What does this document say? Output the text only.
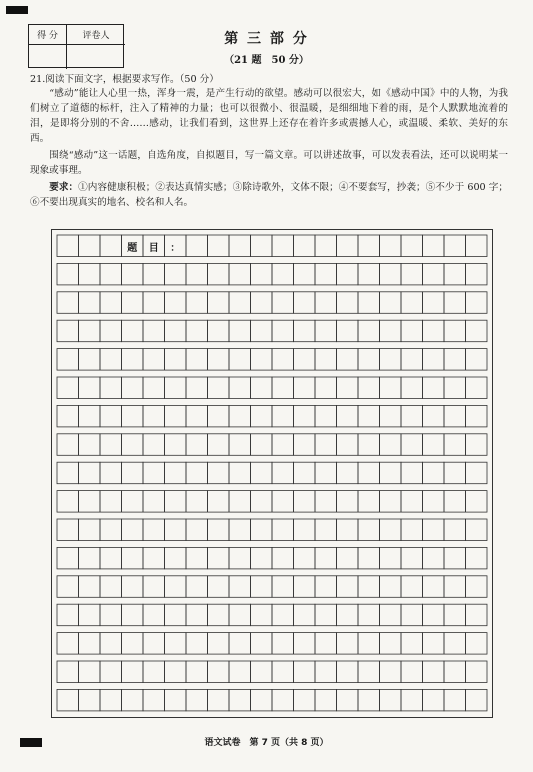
得 分	评卷人	第 三 部 分
（21 题　50 分）
21.阅读下面文字，根据要求写作。（50 分）

“感动”能让人心里一热，浑身一震，是产生行动的欲望。感动可以很宏大，如《感动中国》中的人物，为我们树立了道德的标杆，注入了精神的力量；也可以很微小、很温暖，是细细地下着的雨，是个人默默地流着的泪，是即将分别的不舍……感动，让我们看到，这世界上还存在着许多或震撼人心，或温暖、柔软、美好的东西。

围绕“感动”这一话题，自选角度，自拟题目，写一篇文章。可以讲述故事，可以发表看法，还可以说明某一现象或事理。

要求：①内容健康积极；②表达真情实感；③除诗歌外，文体不限；④不要套写，抄袭；⑤不少于 600 字；⑥不要出现真实的地名、校名和人名。

题 目 ：
语文试卷　第 7 页（共 8 页）
